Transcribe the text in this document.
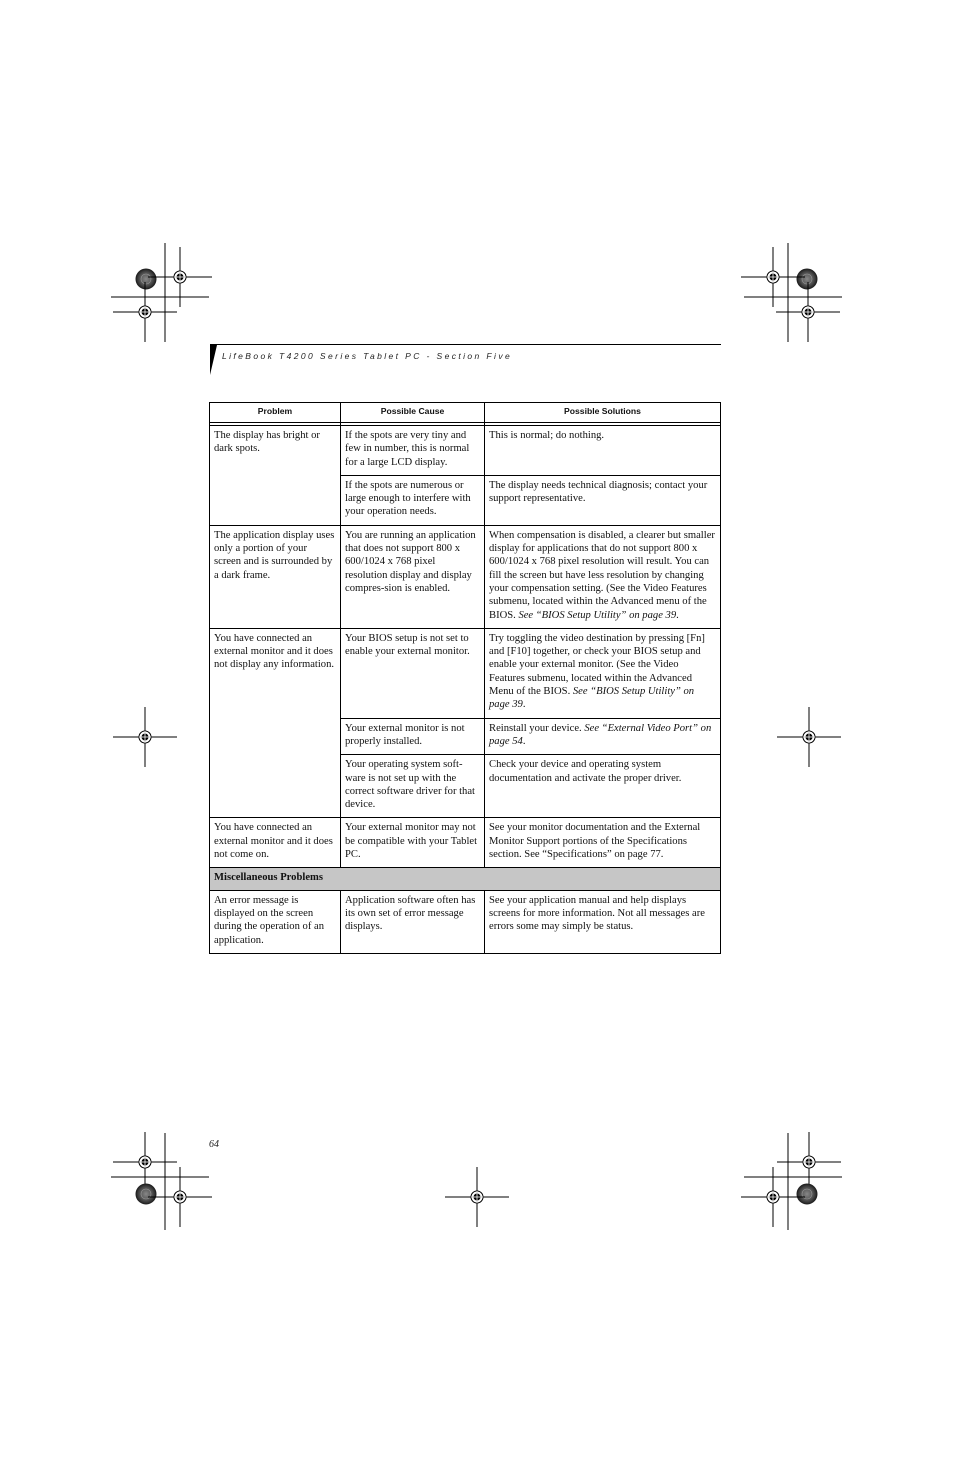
LifeBook T4200 Series Tablet PC - Section Five
Problem	Possible Cause	Possible Solutions

The display has bright or dark spots.	If the spots are very tiny and few in number, this is normal for a large LCD display.	This is normal; do nothing.
	If the spots are numerous or large enough to interfere with your operation needs.	The display needs technical diagnosis; contact your support representative.
The application display uses only a portion of your screen and is surrounded by a dark frame.	You are running an application that does not support 800 x 600/1024 x 768 pixel resolution display and display compres-sion is enabled.	When compensation is disabled, a clearer but smaller display for applications that do not support 800 x 600/1024 x 768 pixel resolution will result. You can fill the screen but have less resolution by changing your compensation setting. (See the Video Features submenu, located within the Advanced menu of the BIOS. See “BIOS Setup Utility” on page 39.
You have connected an external monitor and it does not display any information.	Your BIOS setup is not set to enable your external monitor.	Try toggling the video destination by pressing [Fn] and [F10] together, or check your BIOS setup and enable your external monitor. (See the Video Features submenu, located within the Advanced Menu of the BIOS. See “BIOS Setup Utility” on page 39.
	Your external monitor is not properly installed.	Reinstall your device. See “External Video Port” on page 54.
	Your operating system soft-ware is not set up with the correct software driver for that device.	Check your device and operating system documentation and activate the proper driver.
You have connected an external monitor and it does not come on.	Your external monitor may not be compatible with your Tablet PC.	See your monitor documentation and the External Monitor Support portions of the Specifications section. See “Specifications” on page 77.
Miscellaneous Problems		
An error message is displayed on the screen during the operation of an application.	Application software often has its own set of error message displays.	See your application manual and help displays screens for more information. Not all messages are errors some may simply be status.
64
